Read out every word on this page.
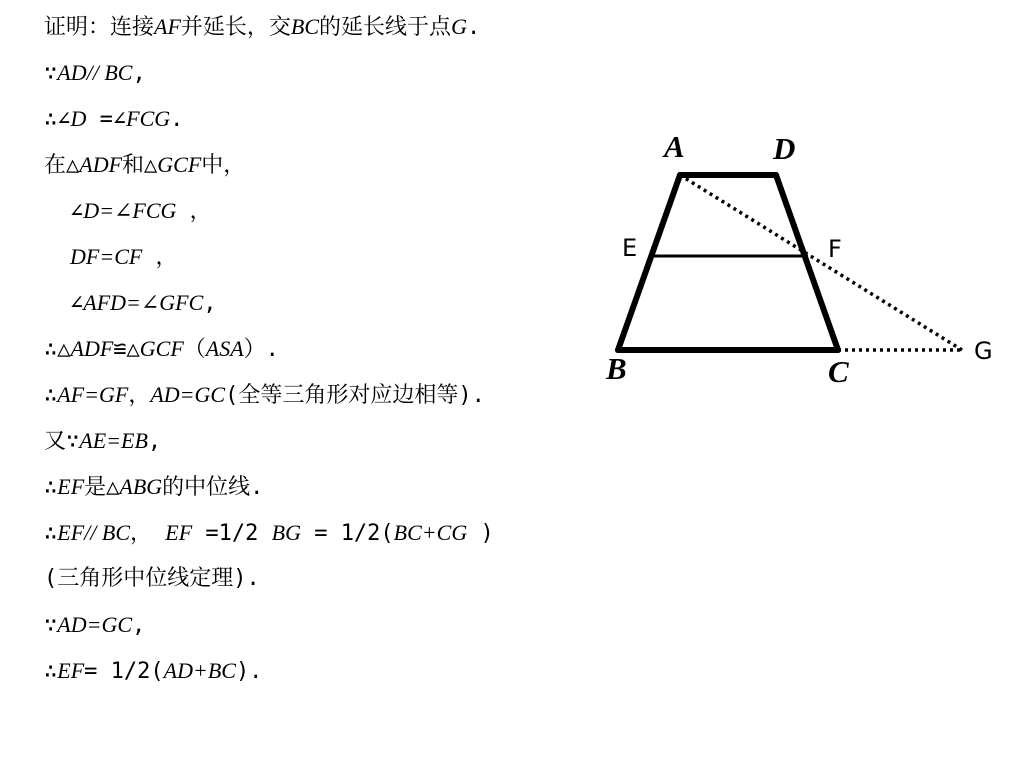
证明：连接AF并延长，交BC的延长线于点G.
∵AD// BC,
∴∠D =∠FCG.
在△ADF和△GCF中，
∠D=∠FCG ，
DF=CF ，
∠AFD=∠GFC,
∴△ADF≌△GCF（ASA）.
∴AF=GF，AD=GC(全等三角形对应边相等).
又∵AE=EB,
∴EF是△ABG的中位线.
∴EF// BC， EF =1/2 BG = 1/2(BC+CG )
(三角形中位线定理).
∵AD=GC,
∴EF= 1/2(AD+BC).
A	D
B	C
E	F
G
